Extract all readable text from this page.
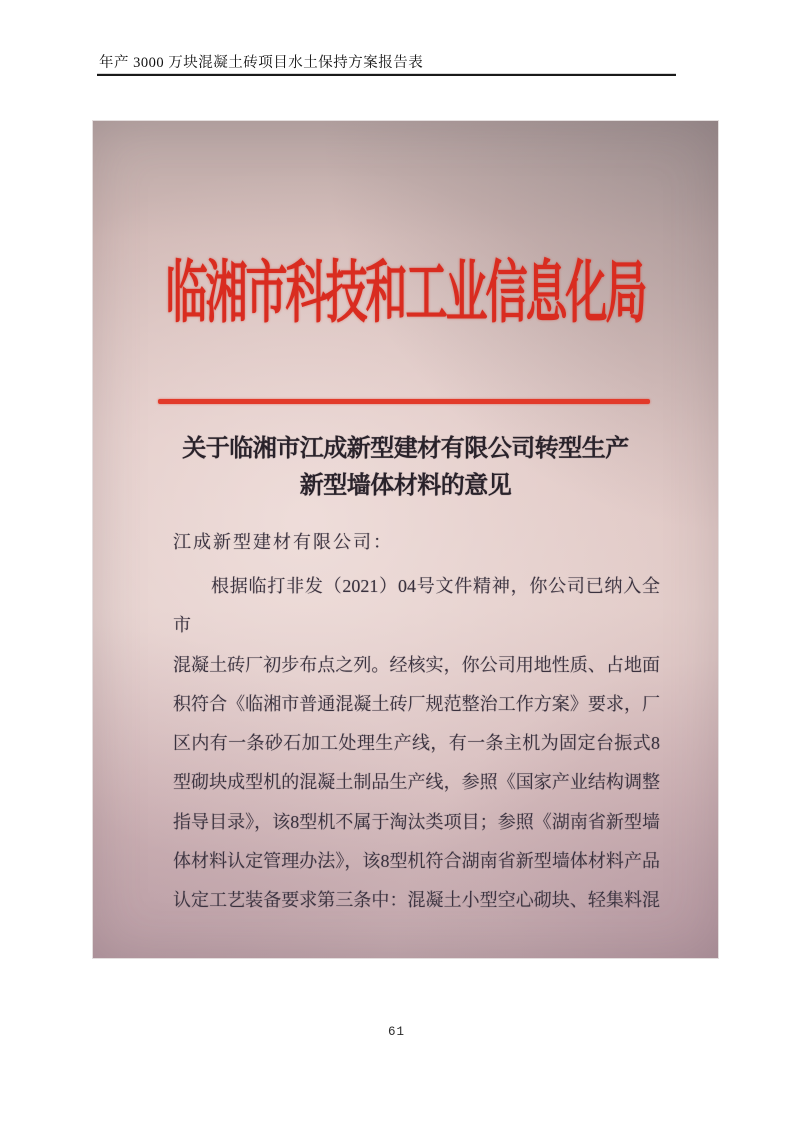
年产 3000 万块混凝土砖项目水土保持方案报告表
临湘市科技和工业信息化局
关于临湘市江成新型建材有限公司转型生产
新型墙体材料的意见
江成新型建材有限公司：
根据临打非发（2021）04号文件精神，你公司已纳入全市
混凝土砖厂初步布点之列。经核实，你公司用地性质、占地面
积符合《临湘市普通混凝土砖厂规范整治工作方案》要求，厂
区内有一条砂石加工处理生产线，有一条主机为固定台振式8
型砌块成型机的混凝土制品生产线，参照《国家产业结构调整
指导目录》，该8型机不属于淘汰类项目；参照《湖南省新型墙
体材料认定管理办法》，该8型机符合湖南省新型墙体材料产品
认定工艺装备要求第三条中：混凝土小型空心砌块、轻集料混
61
